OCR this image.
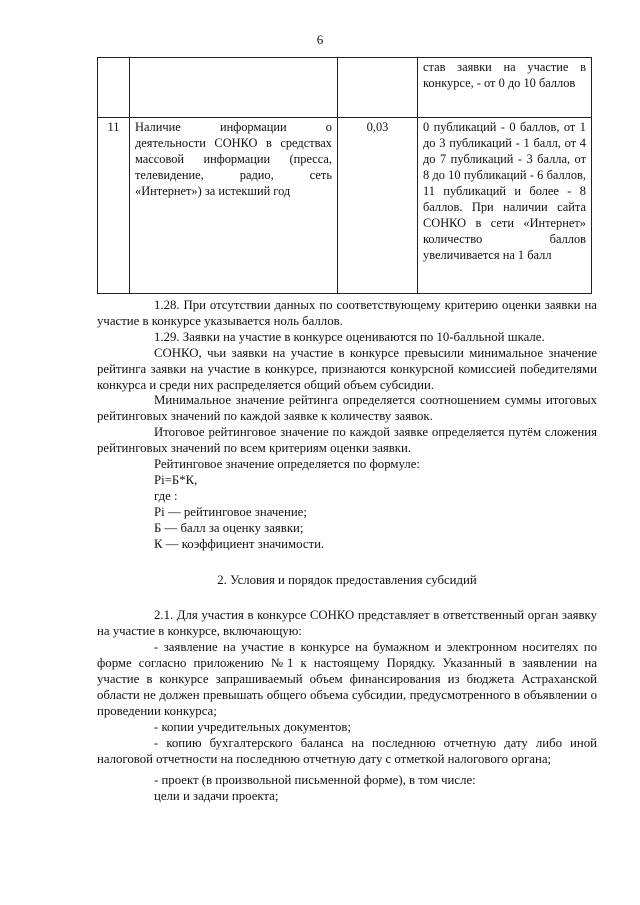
6
			став заявки на участие в конкурсе, - от 0 до 10 баллов
11	Наличие информации о деятельности СОНКО в средствах массовой информации (пресса, телевидение, радио, сеть «Интернет») за истекший год	0,03	0 публикаций - 0 баллов, от 1 до 3 публикаций - 1 балл, от 4 до 7 публикаций - 3 балла, от 8 до 10 публикаций - 6 баллов, 11 публикаций и более - 8 баллов. При наличии сайта СОНКО в сети «Интернет» количество баллов увеличивается на 1 балл

1.28. При отсутствии данных по соответствующему критерию оценки заявки на участие в конкурсе указывается ноль баллов.

1.29. Заявки на участие в конкурсе оцениваются по 10-балльной шкале.

СОНКО, чьи заявки на участие в конкурсе превысили минимальное значение рейтинга заявки на участие в конкурсе, признаются конкурсной комиссией победителями конкурса и среди них распределяется общий объем субсидии.

Минимальное значение рейтинга определяется соотношением суммы итоговых рейтинговых значений по каждой заявке к количеству заявок.

Итоговое рейтинговое значение по каждой заявке определяется путём сложения рейтинговых значений по всем критериям оценки заявки.

Рейтинговое значение определяется по формуле:

Pi=Б*К,

где :

Pi — рейтинговое значение;

Б — балл за оценку заявки;

К — коэффициент значимости.

2. Условия и порядок предоставления субсидий

2.1. Для участия в конкурсе СОНКО представляет в ответственный орган заявку на участие в конкурсе, включающую:

- заявление на участие в конкурсе на бумажном и электронном носителях по форме согласно приложению №1 к настоящему Порядку. Указанный в заявлении на участие в конкурсе запрашиваемый объем финансирования из бюджета Астраханской области не должен превышать общего объема субсидии, предусмотренного в объявлении о проведении конкурса;

- копии учредительных документов;

- копию бухгалтерского баланса на последнюю отчетную дату либо иной налоговой отчетности на последнюю отчетную дату с отметкой налогового органа;

- проект (в произвольной письменной форме), в том числе:

цели и задачи проекта;
